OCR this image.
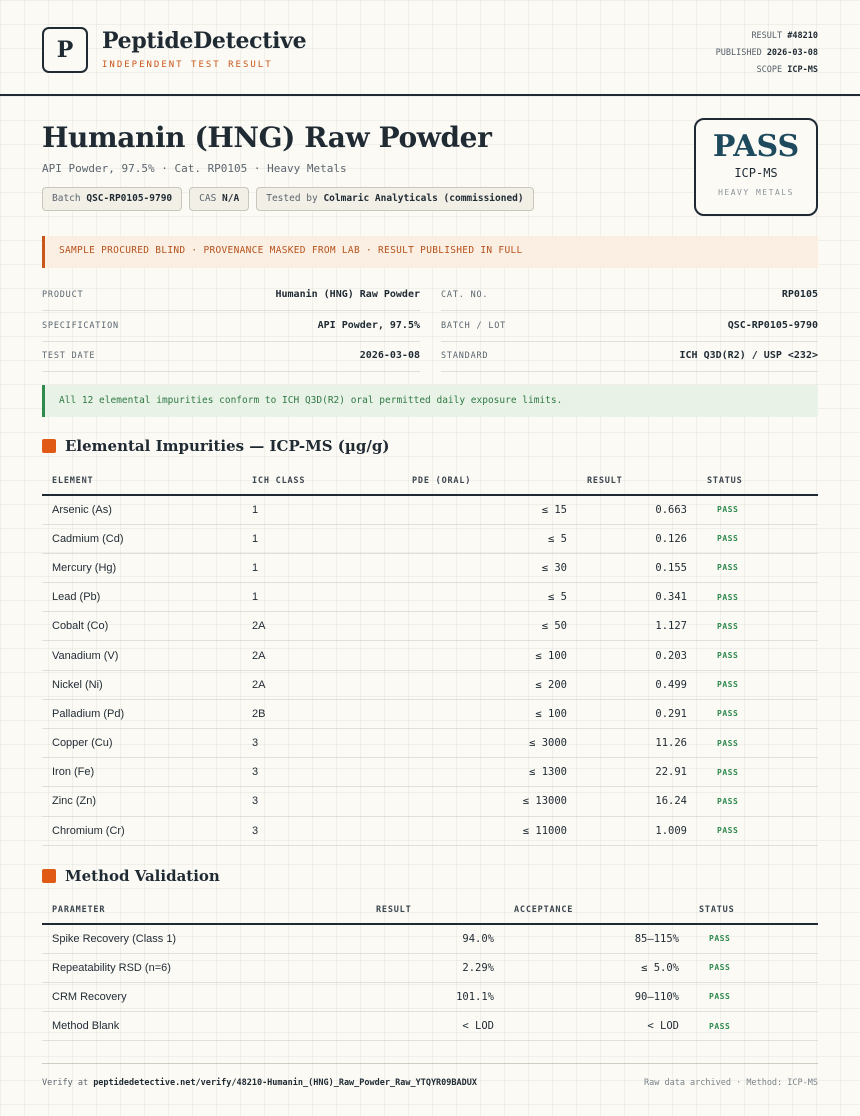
P PeptideDetective
INDEPENDENT TEST RESULT
RESULT #48210
PUBLISHED 2026-03-08
SCOPE ICP-MS
Humanin (HNG) Raw Powder
API Powder, 97.5% · Cat. RP0105 · Heavy Metals
Batch QSC-RP0105-9790	CAS N/A	Tested by Colmaric Analyticals (commissioned)
PASS
ICP-MS
HEAVY METALS
SAMPLE PROCURED BLIND · PROVENANCE MASKED FROM LAB · RESULT PUBLISHED IN FULL
PRODUCT	Humanin (HNG) Raw Powder CAT. NO.	RP0105
SPECIFICATION	API Powder, 97.5% BATCH / LOT	QSC-RP0105-9790
TEST DATE	2026-03-08 STANDARD	ICH Q3D(R2) / USP <232>
All 12 elemental impurities conform to ICH Q3D(R2) oral permitted daily exposure limits.
Elemental Impurities — ICP-MS (µg/g)
ELEMENT	ICH CLASS	PDE (ORAL)	RESULT	STATUS
Arsenic (As)	1	≤ 15	0.663	PASS
Cadmium (Cd)	1	≤ 5	0.126	PASS
Mercury (Hg)	1	≤ 30	0.155	PASS
Lead (Pb)	1	≤ 5	0.341	PASS
Cobalt (Co)	2A	≤ 50	1.127	PASS
Vanadium (V)	2A	≤ 100	0.203	PASS
Nickel (Ni)	2A	≤ 200	0.499	PASS
Palladium (Pd)	2B	≤ 100	0.291	PASS
Copper (Cu)	3	≤ 3000	11.26	PASS
Iron (Fe)	3	≤ 1300	22.91	PASS
Zinc (Zn)	3	≤ 13000	16.24	PASS
Chromium (Cr)	3	≤ 11000	1.009	PASS
Method Validation
PARAMETER	RESULT	ACCEPTANCE	STATUS
Spike Recovery (Class 1)	94.0%	85–115%	PASS
Repeatability RSD (n=6)	2.29%	≤ 5.0%	PASS
CRM Recovery	101.1%	90–110%	PASS
Method Blank	< LOD	< LOD	PASS
Verify at peptidedetective.net/verify/48210-Humanin_(HNG)_Raw_Powder_Raw_YTQYR09BADUX	Raw data archived · Method: ICP-MS
